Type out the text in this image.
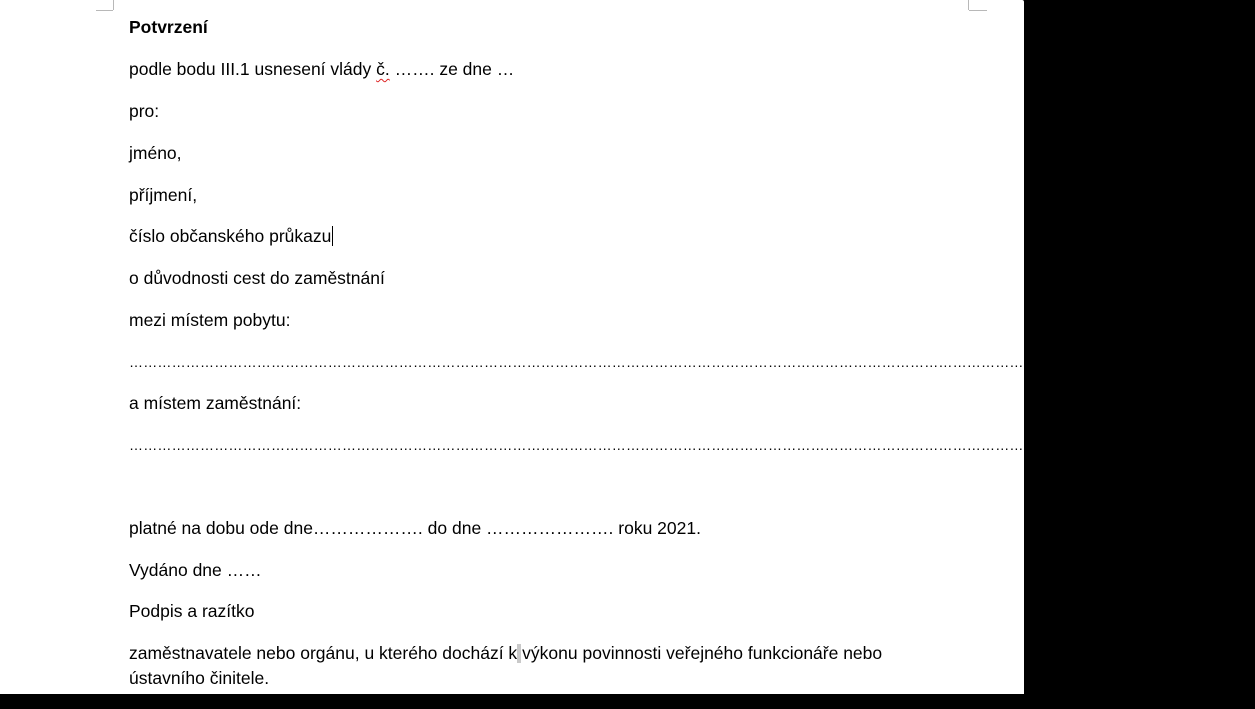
Potvrzení
podle bodu III.1 usnesení vlády č. ……. ze dne …
pro:
jméno,
příjmení,
číslo občanského průkazu
o důvodnosti cest do zaměstnání
mezi místem pobytu:
………………………………………………………………………………………………………………………………………………………………………………………………………………….
a místem zaměstnání:
………………………………………………………………………………………………………………………………………………………………………………………………………………….
platné na dobu ode dne………………. do dne …………………. roku 2021.
Vydáno dne ……
Podpis a razítko
zaměstnavatele nebo orgánu, u kterého dochází k výkonu povinnosti veřejného funkcionáře nebo
ústavního činitele.
